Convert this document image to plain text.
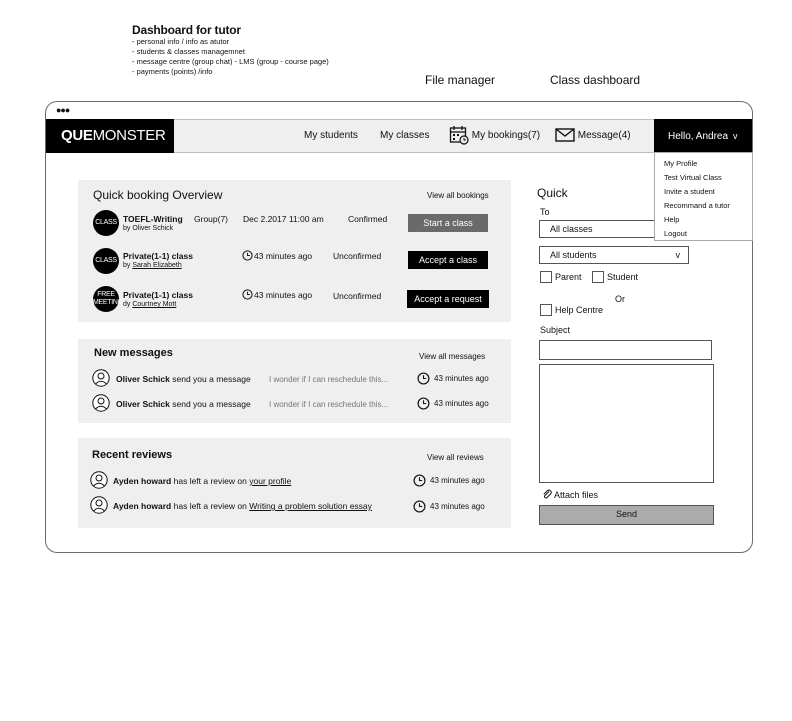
Dashboard for tutor
- personal info / info as atutor
- students & classes managemnet
- message centre (group chat) - LMS (group - course page)
- payments (points) /info
File manager	Class dashboard
●●●
QUEMONSTER	My students My classes	My bookings(7)	Message(4)	Hello, Andrea v
My Profile
Test Virtual Class
Invite a student
Recommand a tutor
Help
Logout
Quick booking Overview	View all bookings
CLASS TOEFL-Writing
by Oliver Schick
Group(7) Dec 2.2017 11:00 am	Confirmed	Start a class
CLASS Private(1-1) class
by Sarah Elizabeth
43 minutes ago Unconfirmed	Accept a class
FREE
MEETING
Private(1-1) class
dy Courtney Mott
43 minutes ago Unconfirmed	Accept a request
New messages	View all messages
Oliver Schick send you a message I wonder if I can reschedule this...	43 minutes ago
Oliver Schick send you a message I wonder if I can reschedule this...	43 minutes ago
Recent reviews	View all reviews
Ayden howard has left a review on your profile	43 minutes ago
Ayden howard has left a review on Writing a problem solution essay	43 minutes ago
Quick
To
All classes
All students	v
Parent	Student
Or
Help Centre
Subject
Attach files
Send
